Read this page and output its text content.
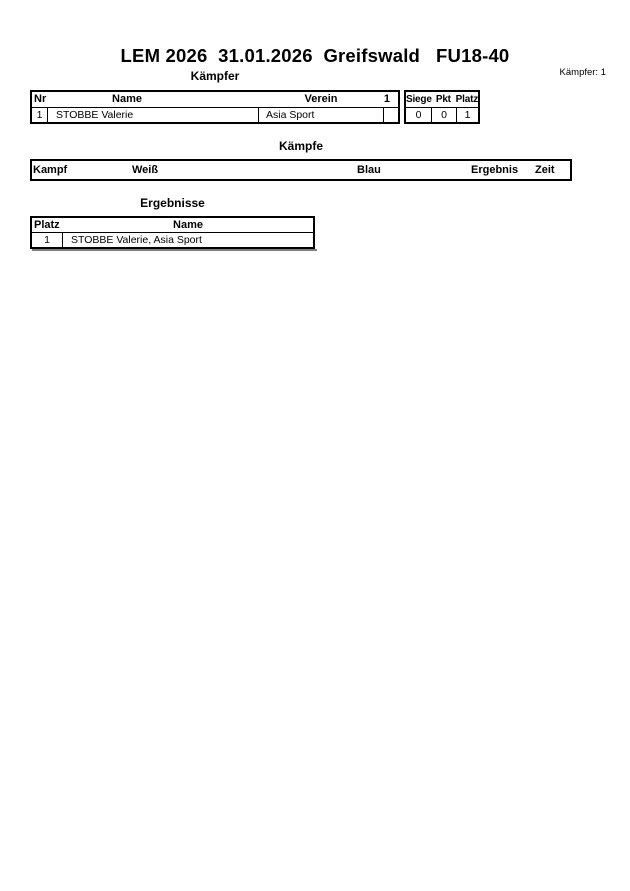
LEM 2026  31.01.2026  Greifswald   FU18-40
Kämpfer: 1
Kämpfer
Nr	Name	Verein	1
1	STOBBE Valerie	Asia Sport
Siege Pkt Platz
0	0	1
Kämpfe
Kampf	Weiß	Blau	Ergebnis Zeit
Ergebnisse
Platz	Name
1	STOBBE Valerie, Asia Sport
